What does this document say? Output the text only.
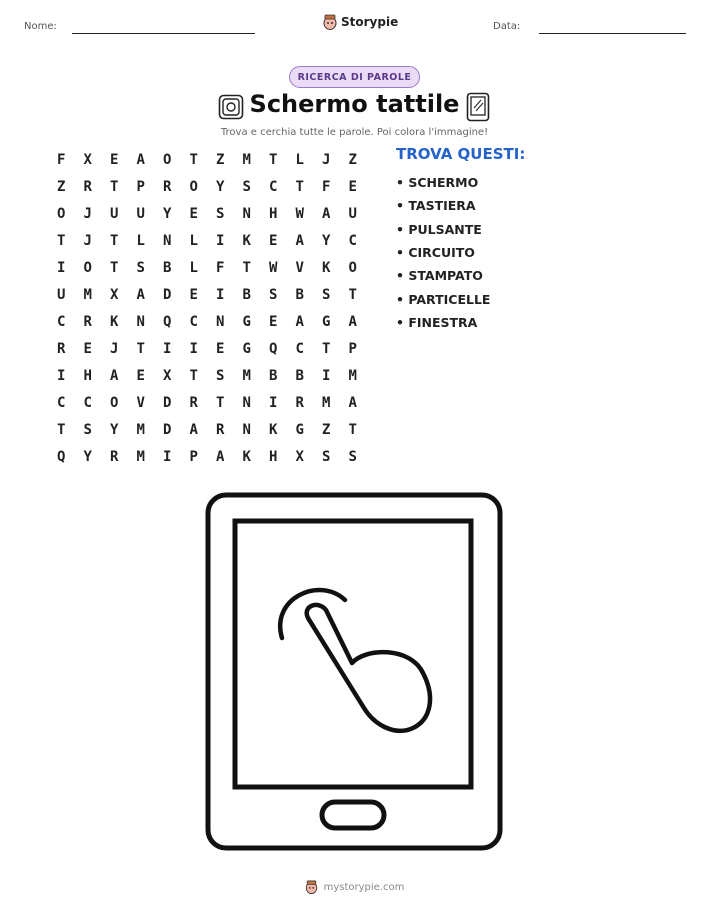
Nome:	Storypie	Data:
RICERCA DI PAROLE
Schermo tattile
Trova e cerchia tutte le parole. Poi colora l'immagine!
F	X	E	A	O	T	Z	M	T	L	J	Z
Z	R	T	P	R	O	Y	S	C	T	F	E
O	J	U	U	Y	E	S	N	H	W	A	U
T	J	T	L	N	L	I	K	E	A	Y	C
I	O	T	S	B	L	F	T	W	V	K	O
U	M	X	A	D	E	I	B	S	B	S	T
C	R	K	N	Q	C	N	G	E	A	G	A
R	E	J	T	I	I	E	G	Q	C	T	P
I	H	A	E	X	T	S	M	B	B	I	M
C	C	O	V	D	R	T	N	I	R	M	A
T	S	Y	M	D	A	R	N	K	G	Z	T
Q	Y	R	M	I	P	A	K	H	X	S	S
TROVA QUESTI:
• SCHERMO
• TASTIERA
• PULSANTE
• CIRCUITO
• STAMPATO
• PARTICELLE
• FINESTRA
mystorypie.com
